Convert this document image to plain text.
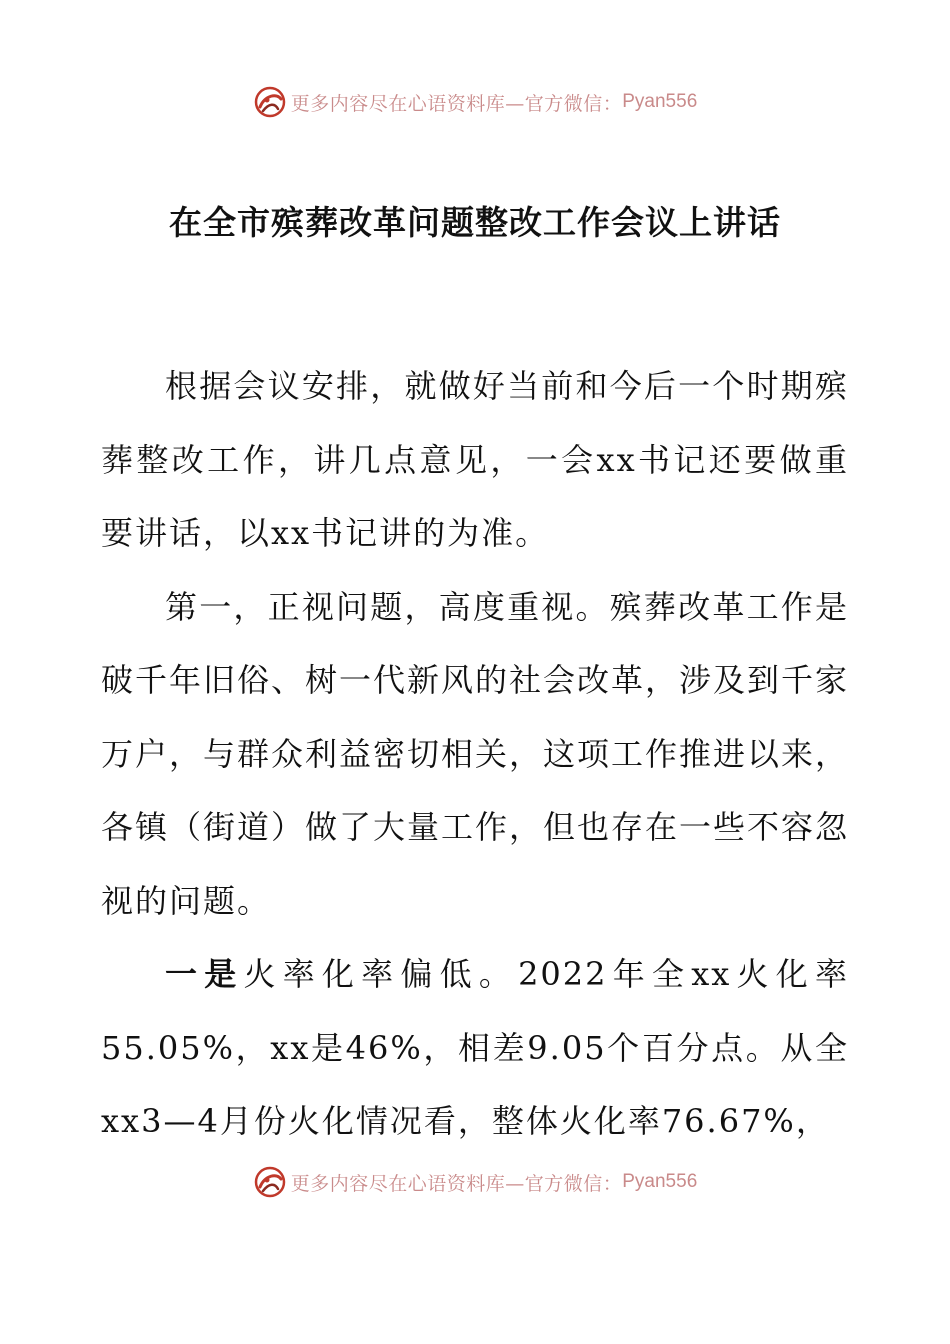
更多内容尽在心语资料库—官方微信： Pyan556
在全市殡葬改革问题整改工作会议上讲话

根据会议安排，就做好当前和今后一个时期殡葬整改工作，讲几点意见，一会xx书记还要做重要讲话，以xx书记讲的为准。

第一，正视问题，高度重视。殡葬改革工作是破千年旧俗、树一代新风的社会改革，涉及到千家万户，与群众利益密切相关，这项工作推进以来，各镇（街道）做了大量工作，但也存在一些不容忽视的问题。

一是火率化率偏低。2022年全xx火化率55.05%，xx是46%，相差9.05个百分点。从全xx3—4月份火化情况看，整体火化率76.67%，

更多内容尽在心语资料库—官方微信： Pyan556
